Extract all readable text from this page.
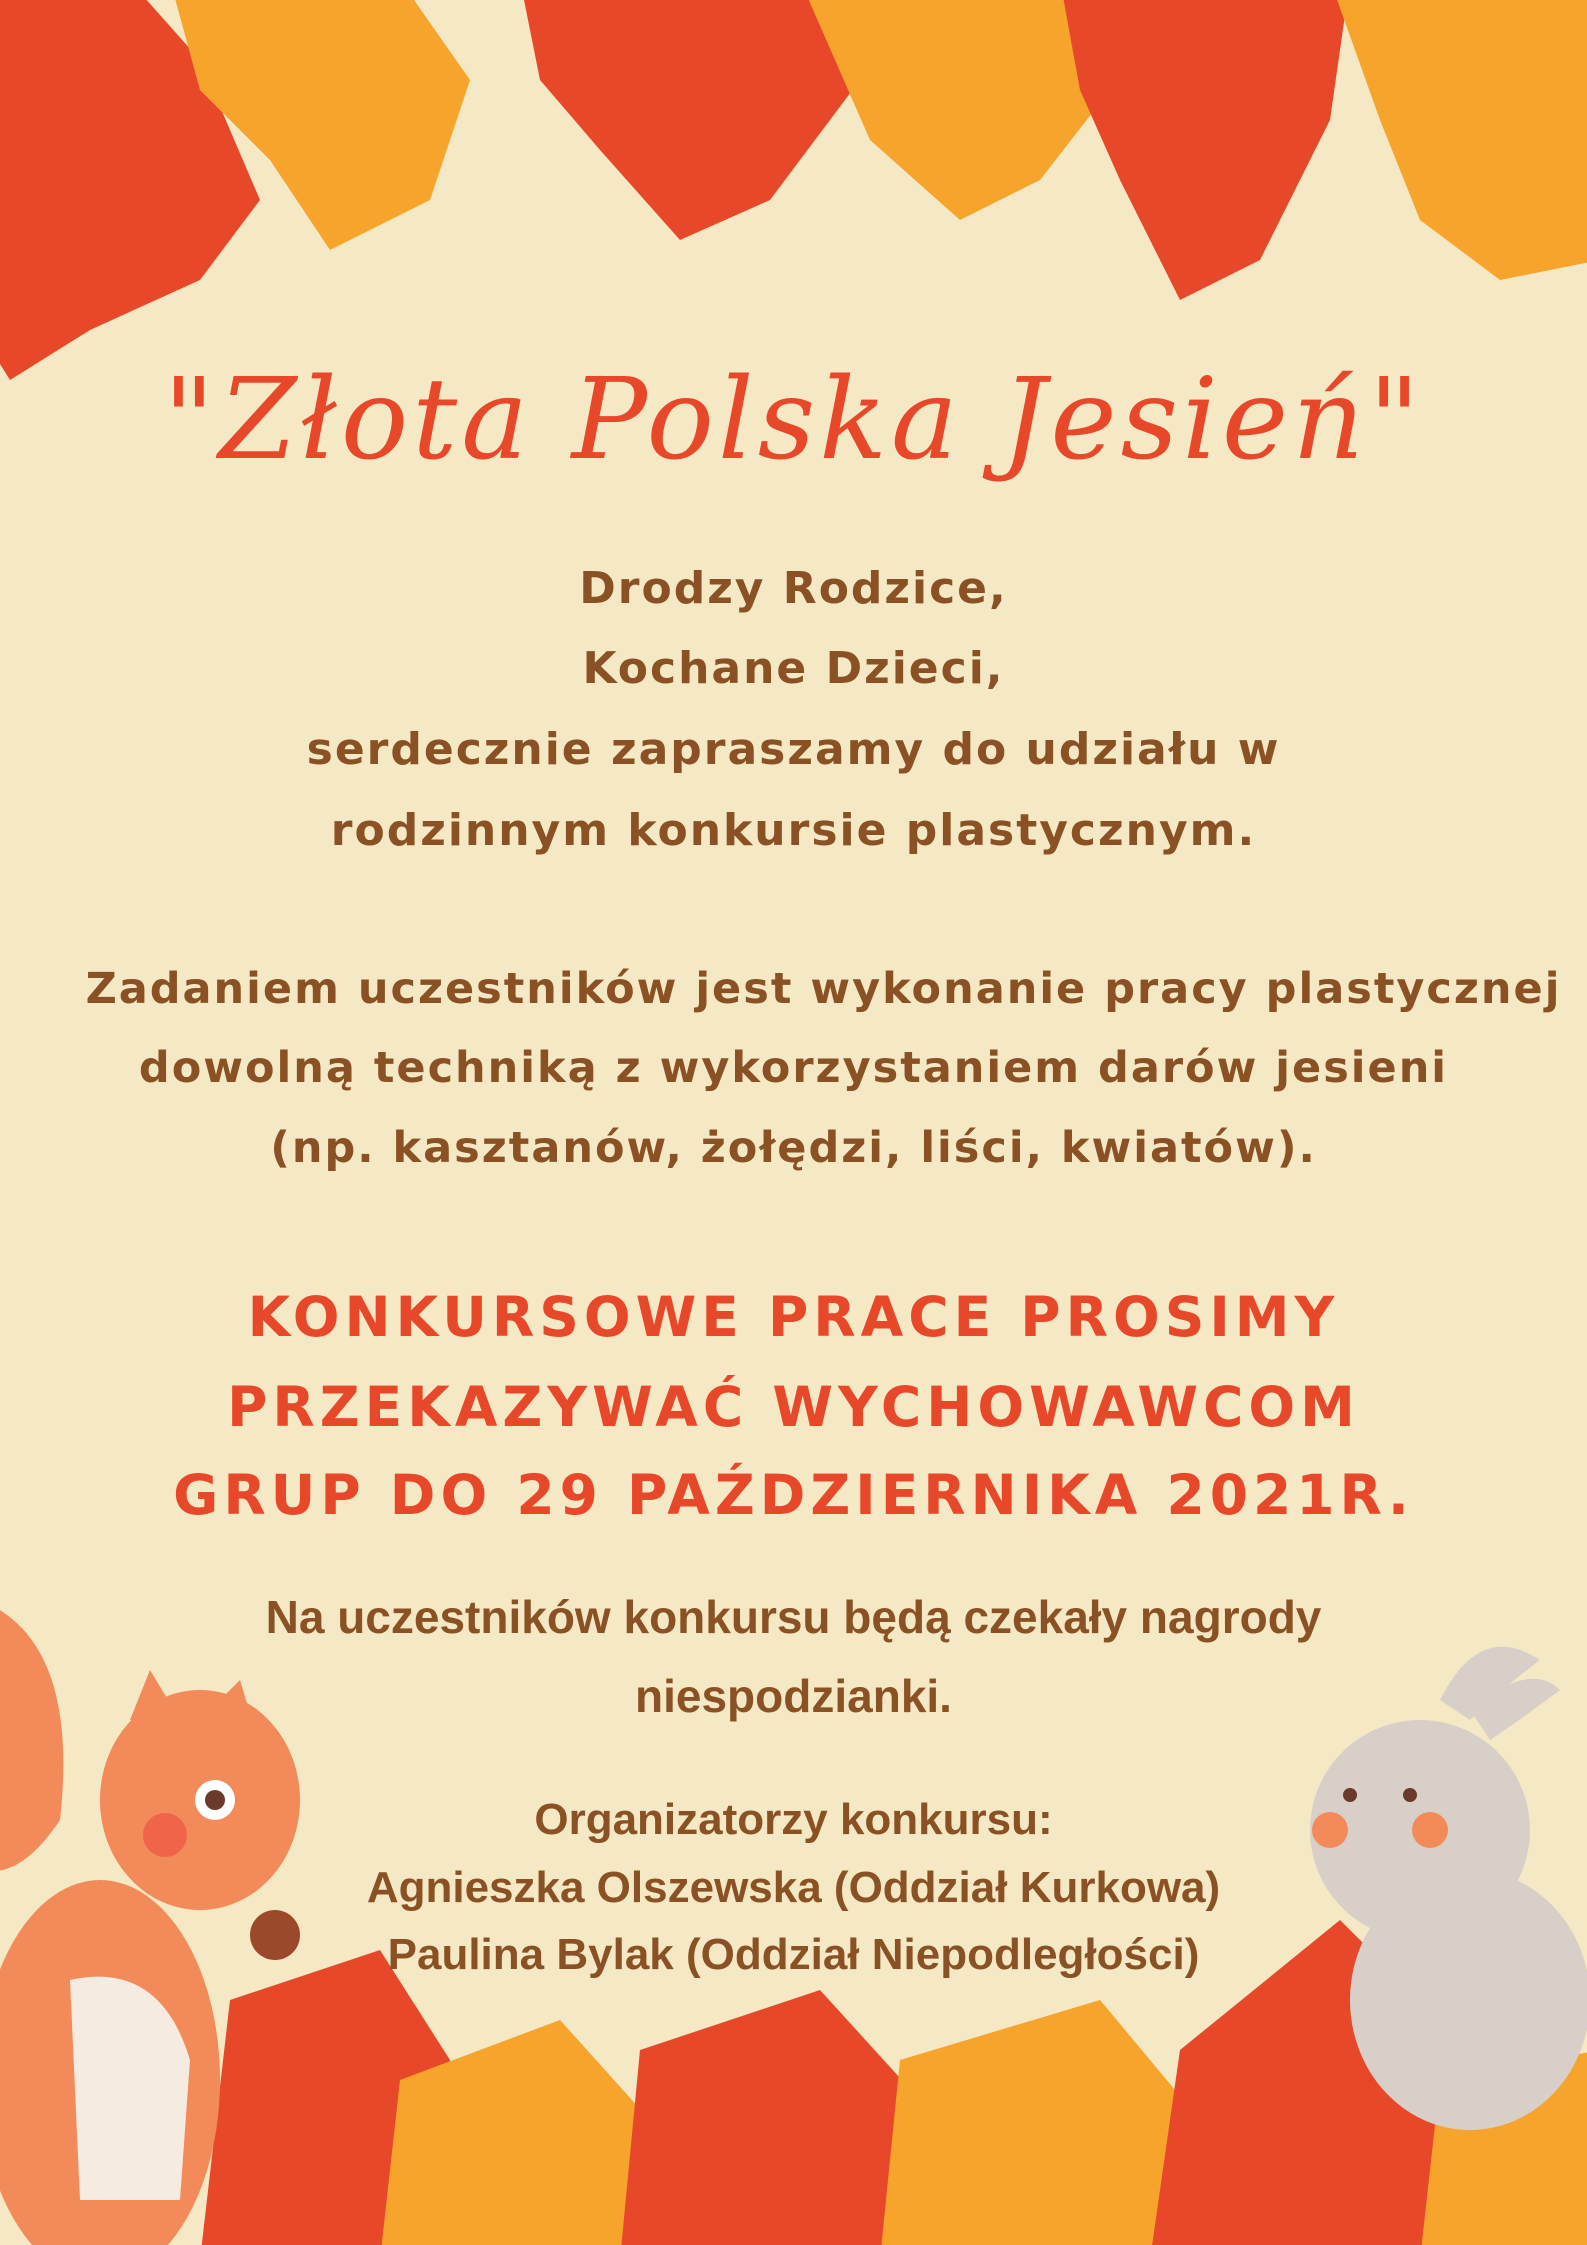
"Złota Polska Jesień"
Drodzy Rodzice,
Kochane Dzieci,
serdecznie zapraszamy do udziału w
rodzinnym konkursie plastycznym.
Zadaniem uczestników jest wykonanie pracy plastycznej
dowolną techniką z wykorzystaniem darów jesieni
(np. kasztanów, żołędzi, liści, kwiatów).
KONKURSOWE PRACE PROSIMY
PRZEKAZYWAĆ WYCHOWAWCOM
GRUP DO 29 PAŹDZIERNIKA 2021R.
Na uczestników konkursu będą czekały nagrody
niespodzianki.
Organizatorzy konkursu:
Agnieszka Olszewska (Oddział Kurkowa)
Paulina Bylak (Oddział Niepodległości)
